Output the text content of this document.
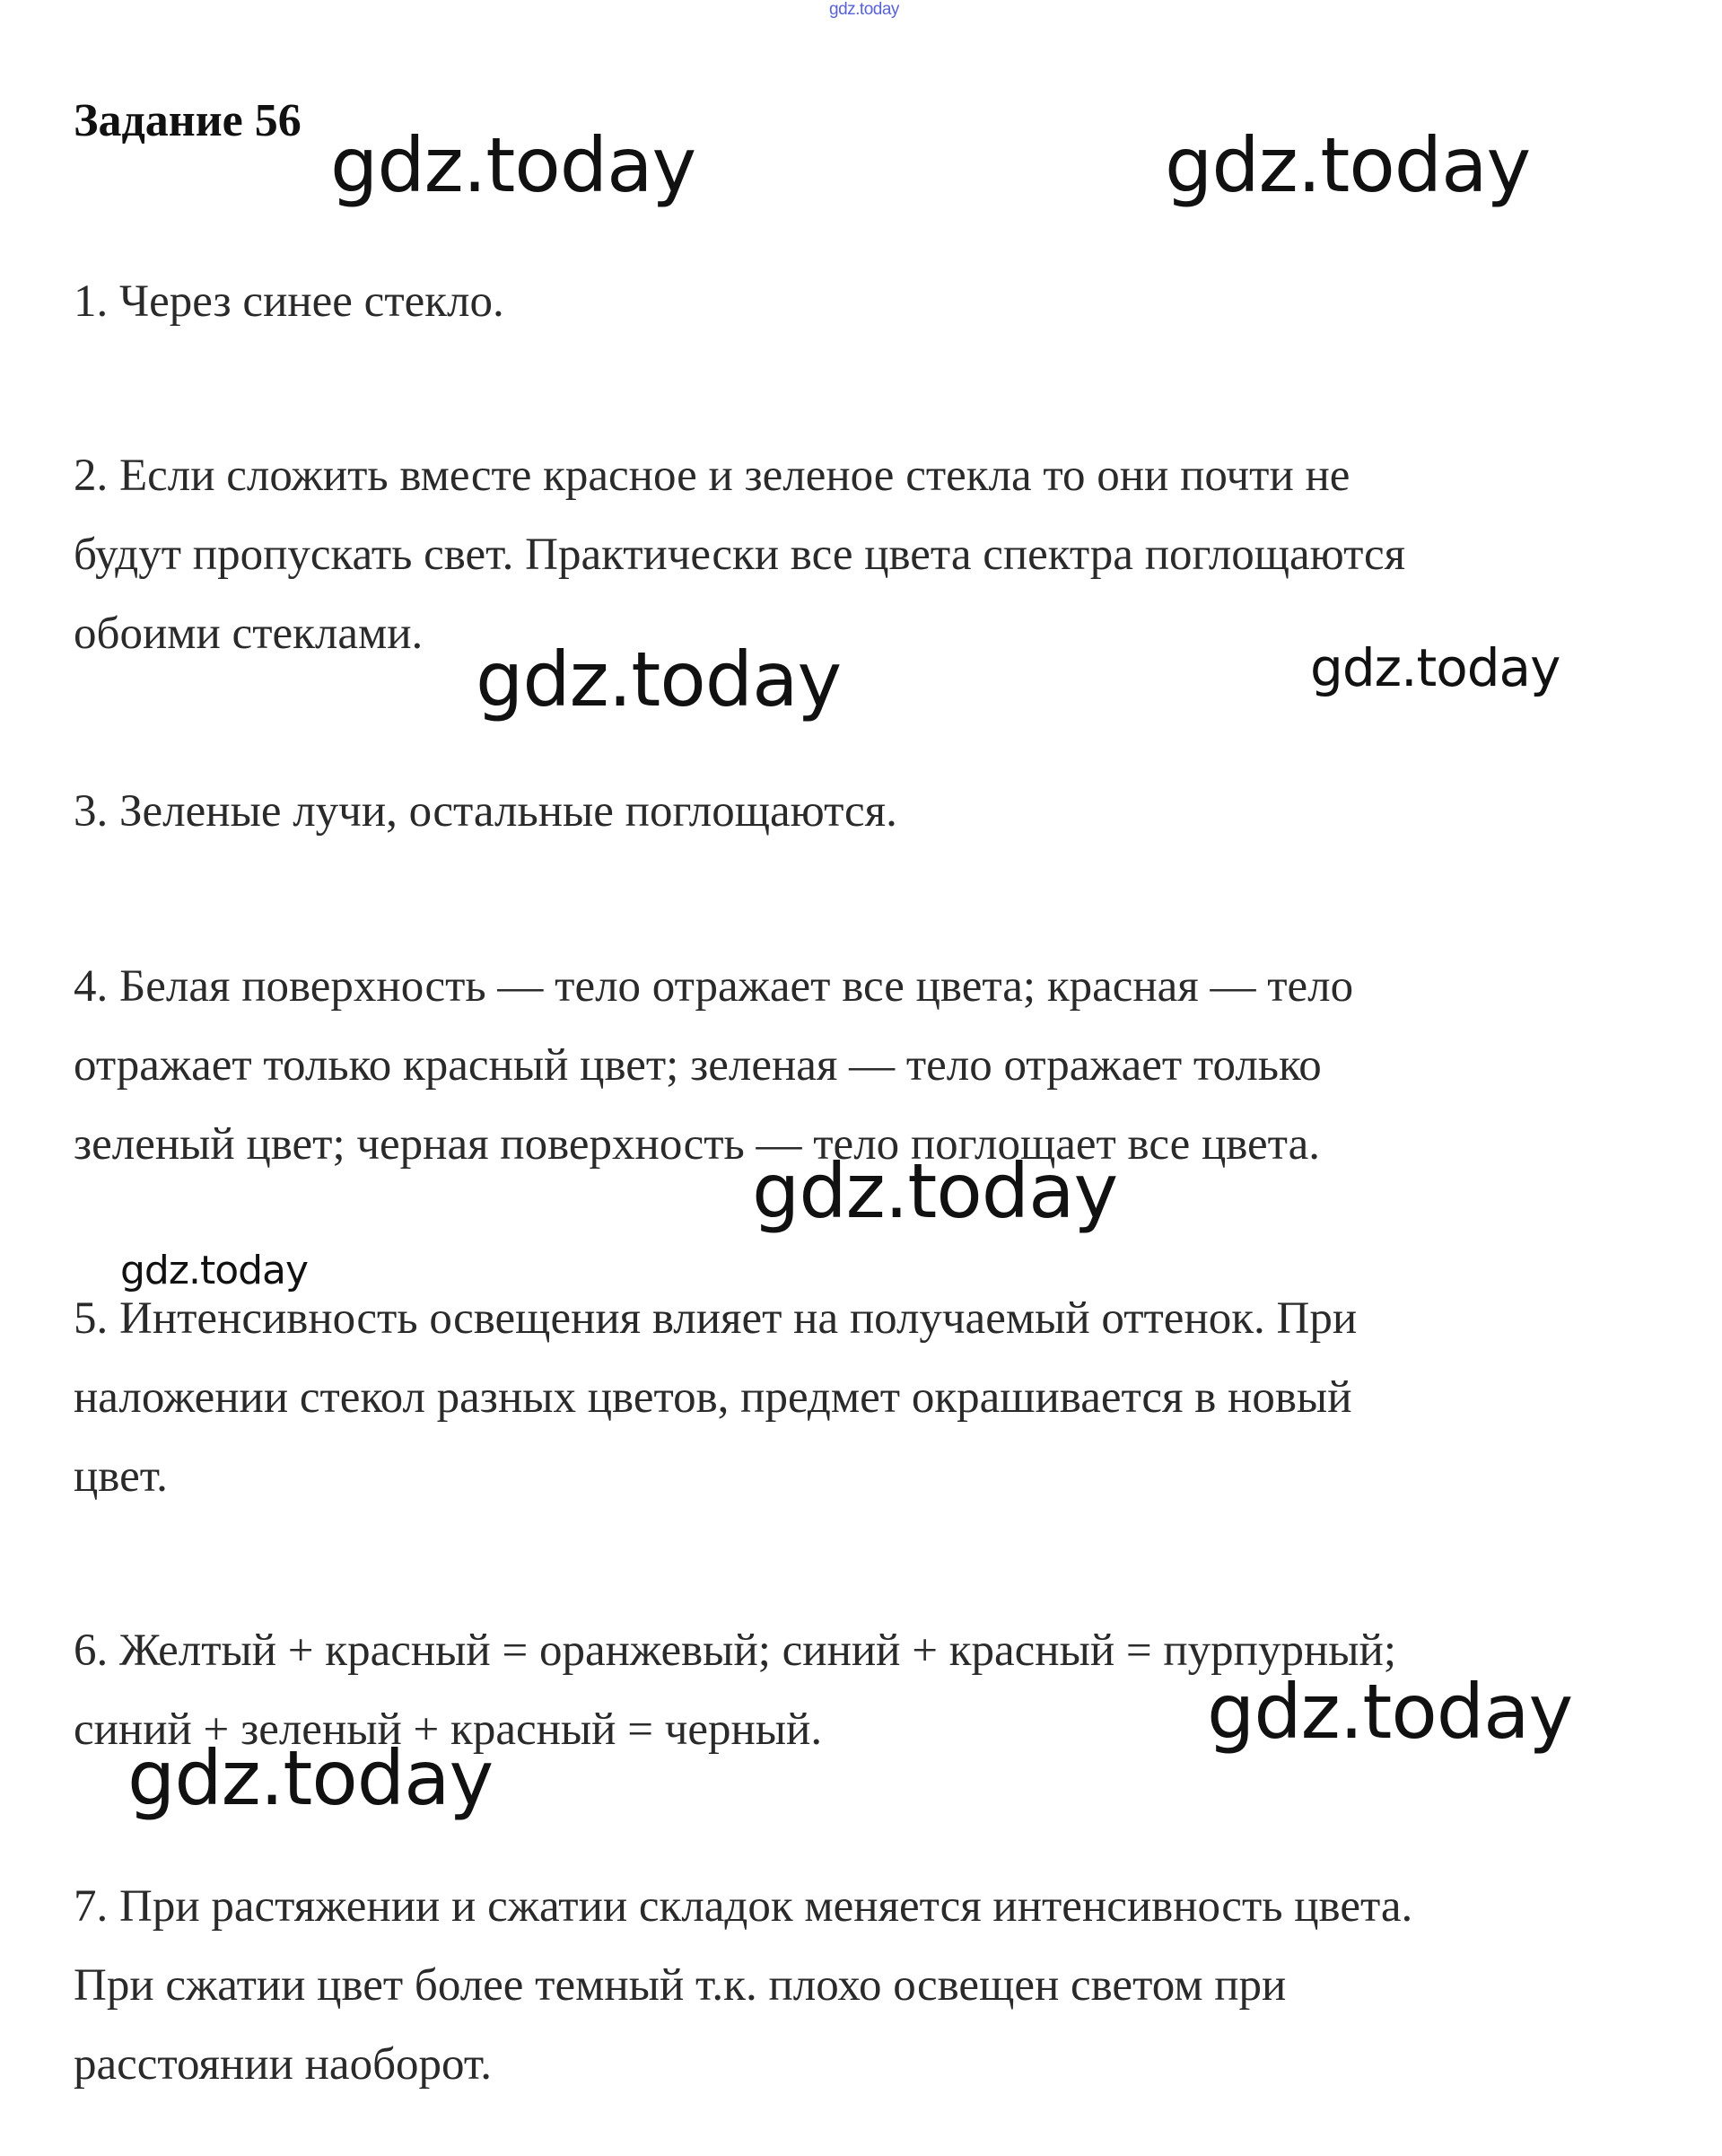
gdz.today
Задание 56

1. Через синее стекло.

2. Если сложить вместе красное и зеленое стекла то они почти не
будут пропускать свет. Практически все цвета спектра поглощаются
обоими стеклами.

3. Зеленые лучи, остальные поглощаются.

4. Белая поверхность — тело отражает все цвета; красная — тело
отражает только красный цвет; зеленая — тело отражает только
зеленый цвет; черная поверхность — тело поглощает все цвета.

5. Интенсивность освещения влияет на получаемый оттенок. При
наложении стекол разных цветов, предмет окрашивается в новый
цвет.

6. Желтый + красный = оранжевый; синий + красный = пурпурный;
синий + зеленый + красный = черный.

7. При растяжении и сжатии складок меняется интенсивность цвета.
При сжатии цвет более темный т.к. плохо освещен светом при
расстоянии наоборот.

gdz.today	gdz.today
gdz.today	gdz.today
gdz.today
gdz.today
gdz.today
gdz.today
